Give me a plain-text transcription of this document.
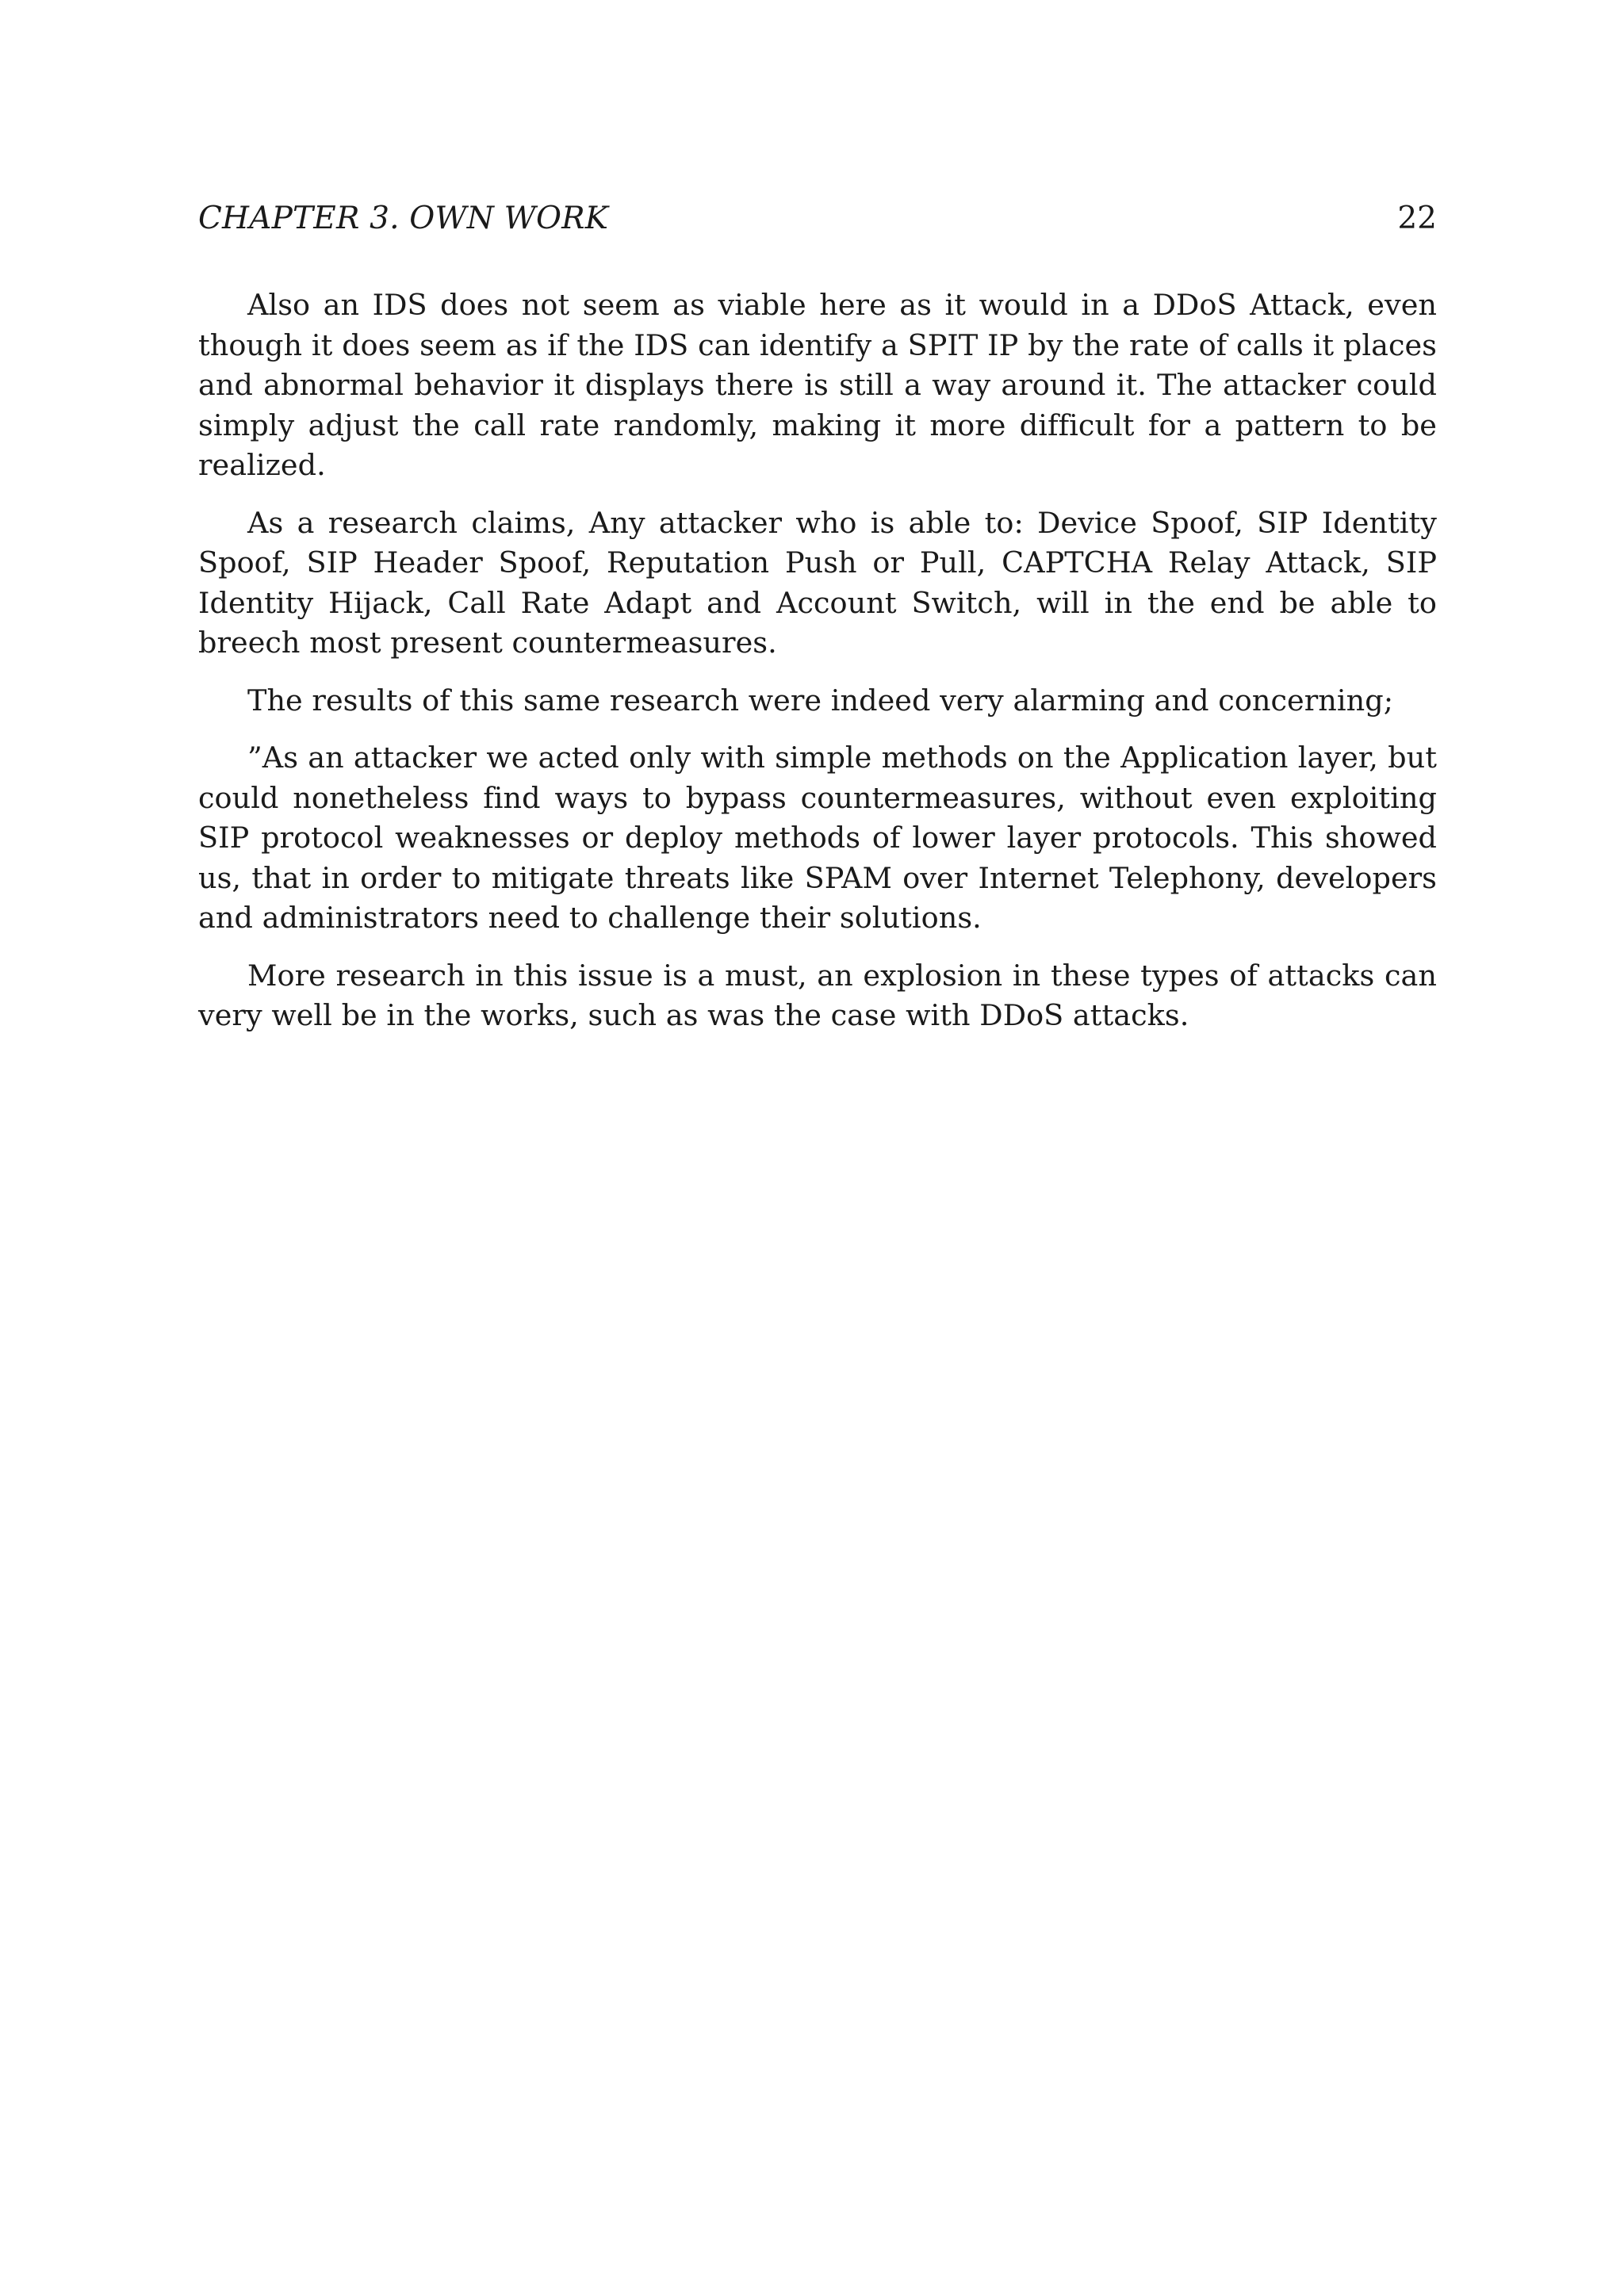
CHAPTER 3. OWN WORK	22

Also an IDS does not seem as viable here as it would in a DDoS Attack, even though it does seem as if the IDS can identify a SPIT IP by the rate of calls it places and abnormal behavior it displays there is still a way around it. The attacker could simply adjust the call rate randomly, making it more difficult for a pattern to be realized.

As a research claims, Any attacker who is able to: Device Spoof, SIP Identity Spoof, SIP Header Spoof, Reputation Push or Pull, CAPTCHA Relay Attack, SIP Identity Hijack, Call Rate Adapt and Account Switch, will in the end be able to breech most present countermeasures.

The results of this same research were indeed very alarming and concerning;

”As an attacker we acted only with simple methods on the Application layer, but could nonetheless find ways to bypass countermeasures, without even exploiting SIP protocol weaknesses or deploy methods of lower layer protocols. This showed us, that in order to mitigate threats like SPAM over Internet Telephony, developers and administrators need to challenge their solutions.

More research in this issue is a must, an explosion in these types of attacks can very well be in the works, such as was the case with DDoS attacks.
